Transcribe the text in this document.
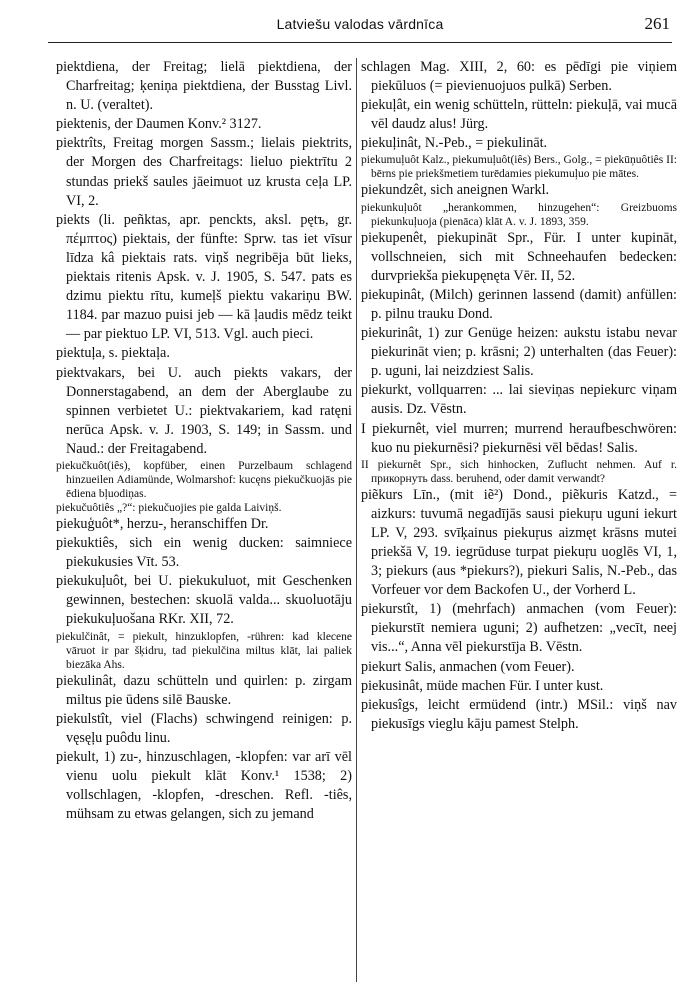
Latviešu valodas vārdnīca	261

piektdiena, der Freitag; lielā piektdiena, der Charfreitag; ķeniņa piektdiena, der Busstag Livl. n. U. (veraltet).

piektenis, der Daumen Konv.² 3127.

piektrîts, Freitag morgen Sassm.; lielais piektrits, der Morgen des Charfreitags: lieluo piektrītu 2 stundas priekš saules jāeimuot uz krusta ceļa LP. VI, 2.

piekts (li. peñktas, apr. penckts, aksl. pętъ, gr. πέμπτος) piektais, der fünfte: Sprw. tas iet vīsur līdza kâ piektais rats. viņš negribēja būt lieks, piektais ritenis Apsk. v. J. 1905, S. 547. pats es dzimu piektu rītu, kumeļš piektu vakariņu BW. 1184. par mazuo puisi jeb — kā ļaudis mēdz teikt — par piektuo LP. VI, 513. Vgl. auch pieci.

piektuļa, s. piektaļa.

piektvakars, bei U. auch piekts vakars, der Donnerstagabend, an dem der Aberglaube zu spinnen verbietet U.: piektvakariem, kad ratęni nerūca Apsk. v. J. 1903, S. 149; in Sassm. und Naud.: der Freitagabend.

piekučkuôt(iês), kopfüber, einen Purzelbaum schlagend hinzueilen Adiamünde, Wolmarshof: kucęns piekučkuojās pie ēdiena bļuodiņas.

piekučuôtiês „?“: piekučuojies pie galda Laiviņš.

piekuģuôt*, herzu-, heranschiffen Dr.

piekuktiês, sich ein wenig ducken: saimniece piekukusies Vīt. 53.

piekukuļuôt, bei U. piekukuluot, mit Geschenken gewinnen, bestechen: skuolā valda... skuoluotāju piekukuļuošana RKr. XII, 72.

piekulčinât, = piekult, hinzuklopfen, -rühren: kad klecene vāruot ir par šķidru, tad piekulčina miltus klāt, lai paliek biezāka Ahs.

piekulinât, dazu schütteln und quirlen: p. zirgam miltus pie ūdens silē Bauske.

piekulstît, viel (Flachs) schwingend reinigen: p. vęsęļu puôdu linu.

piekult, 1) zu-, hinzuschlagen, -klopfen: var arī vēl vienu uolu piekult klāt Konv.¹ 1538; 2) vollschlagen, -klopfen, -dreschen. Refl. -tiês, mühsam zu etwas gelangen, sich zu jemand

schlagen Mag. XIII, 2, 60: es pēdīgi pie viņiem piekūluos (= pievienuojuos pulkā) Serben.

piekuļât, ein wenig schütteln, rütteln: piekuļā, vai mucā vēl daudz alus! Jürg.

piekuļinât, N.-Peb., = piekulināt.

piekumuļuôt Kalz., piekumuļuôt(iês) Bers., Golg., = piekūņuôtiês II: bērns pie priekšmetiem turēdamies piekumuļuo pie mātes.

piekundzêt, sich aneignen Warkl.

piekunkuļuôt „herankommen, hinzugehen“: Greizbuoms piekunkuļuoja (pienāca) klāt A. v. J. 1893, 359.

piekupenêt, piekupināt Spr., Für. I unter kupināt, vollschneien, sich mit Schneehaufen bedecken: durvpriekša piekupęnęta Vēr. II, 52.

piekupinât, (Milch) gerinnen lassend (damit) anfüllen: p. pilnu trauku Dond.

piekurinât, 1) zur Genüge heizen: aukstu istabu nevar piekurināt vien; p. krāsni; 2) unterhalten (das Feuer): p. uguni, lai neizdziest Salis.

piekurkt, vollquarren: ... lai sieviņas nepiekurc viņam ausis. Dz. Vēstn.

I piekurnêt, viel murren; murrend heraufbeschwören: kuo nu piekurnēsi? piekurnēsi vēl bēdas! Salis.

II piekurnêt Spr., sich hinhocken, Zuflucht nehmen. Auf r. прикорнуть dass. beruhend, oder damit verwandt?

piẽkurs Līn., (mit iẽ²) Dond., piẽkuris Katzd., = aizkurs: tuvumā negadījās sausi piekuŗu uguni iekurt LP. V, 293. svīķainus piekuŗus aizmęt krāsns mutei priekšā V, 19. iegrūduse turpat piekuŗu uoglēs VI, 1, 3; piekurs (aus *piekurs?), piekuri Salis, N.-Peb., das Vorfeuer vor dem Backofen U., der Vorherd L.

piekurstît, 1) (mehrfach) anmachen (vom Feuer): piekurstīt nemiera uguni; 2) aufhetzen: „vecīt, neej vis...“, Anna vēl piekurstīja B. Vēstn.

piekurt Salis, anmachen (vom Feuer).

piekusinât, müde machen Für. I unter kust.

piekusîgs, leicht ermüdend (intr.) MSil.: viņš nav piekusīgs vieglu kāju pamest Stelph.
